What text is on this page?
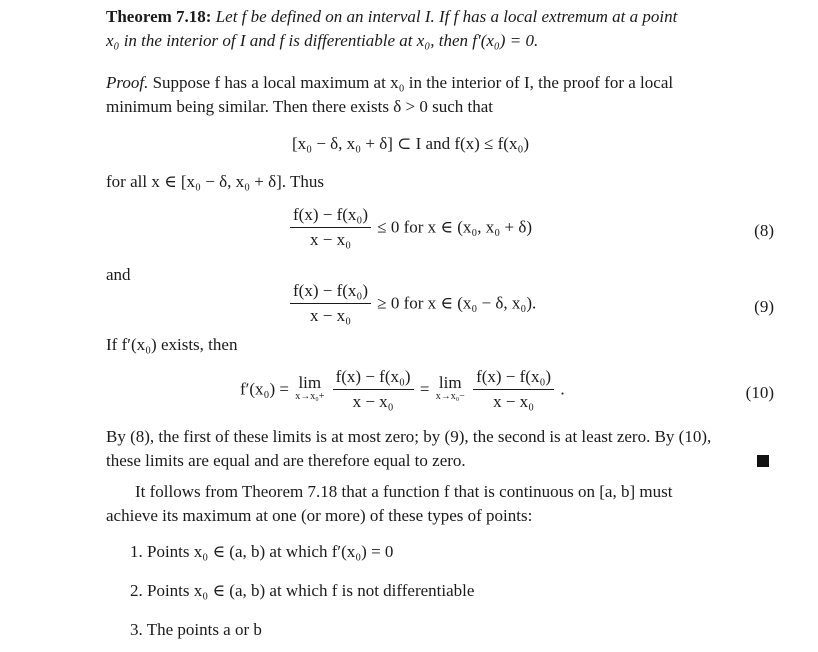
Theorem 7.18: Let f be defined on an interval I. If f has a local extremum at a point
x₀ in the interior of I and f is differentiable at x₀, then f′(x₀) = 0.
Proof. Suppose f has a local maximum at x₀ in the interior of I, the proof for a local
minimum being similar. Then there exists δ > 0 such that
[x₀ − δ, x₀ + δ] ⊂ I and f(x) ≤ f(x₀)
for all x ∈ [x₀ − δ, x₀ + δ]. Thus
$\frac{\text{f(x) − f(x₀)}}{\text{x − x₀}} \le 0$ for x ∈ (x₀, x₀ + δ)	(8)
and
$\frac{\text{f(x) − f(x₀)}}{\text{x − x₀}} \ge 0$ for x ∈ (x₀ − δ, x₀).	(9)
If f′(x₀) exists, then
f′(x₀) = lim
x→x₀+
$\frac{\text{f(x) − f(x₀)}}{\text{x − x₀}} = \lim$
x→x₀−
$\frac{\text{f(x) − f(x₀)}}{\text{x − x₀}}$ .	(10)
By (8), the first of these limits is at most zero; by (9), the second is at least zero. By (10),
these limits are equal and are therefore equal to zero.
It follows from Theorem 7.18 that a function f that is continuous on [a, b] must
achieve its maximum at one (or more) of these types of points:
1. Points x₀ ∈ (a, b) at which f′(x₀) = 0
2. Points x₀ ∈ (a, b) at which f is not differentiable
3. The points a or b
